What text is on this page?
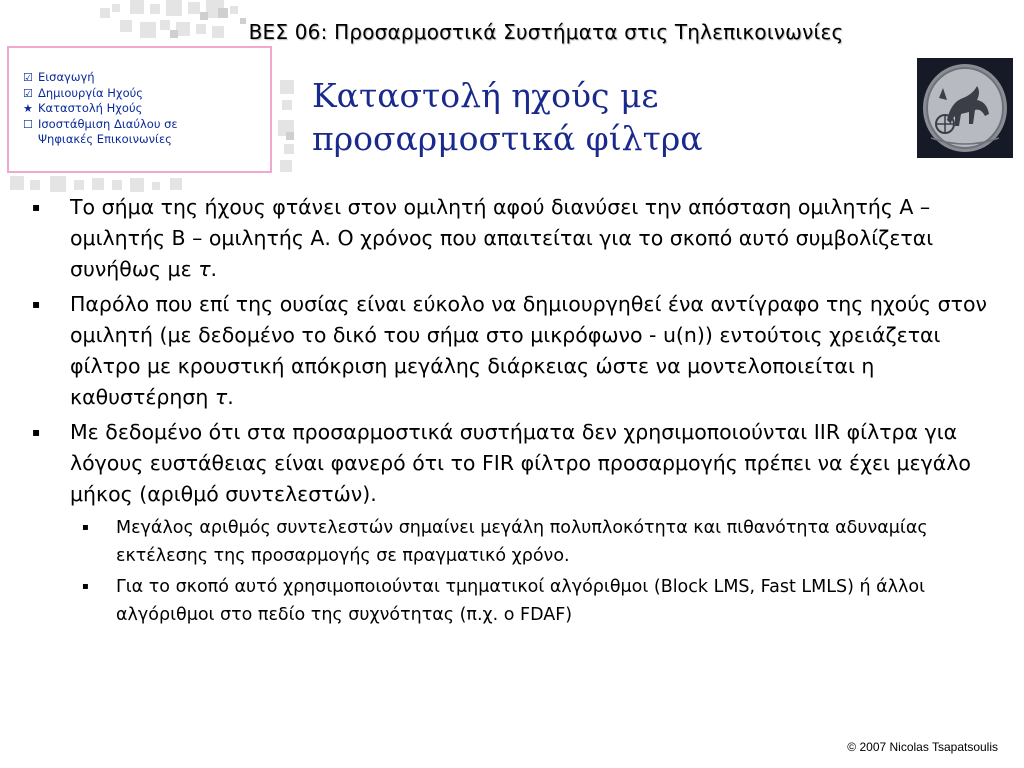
ΒΕΣ 06: Προσαρμοστικά Συστήματα στις Τηλεπικοινωνίες
☑ Εισαγωγή
☑ Δημιουργία Ηχούς
★ Καταστολή Ηχούς
☐ Ισοστάθμιση Διαύλου σε
Ψηφιακές Επικοινωνίες
Καταστολή ηχούς με
προσαρμοστικά φίλτρα
▪	Το σήμα της ήχους φτάνει στον ομιλητή αφού διανύσει την απόσταση ομιλητής Α – ομιλητής Β – ομιλητής Α. Ο χρόνος που απαιτείται για το σκοπό αυτό συμβολίζεται συνήθως με τ.
▪	Παρόλο που επί της ουσίας είναι εύκολο να δημιουργηθεί ένα αντίγραφο της ηχούς στον ομιλητή (με δεδομένο το δικό του σήμα στο μικρόφωνο - u(n)) εντούτοις χρειάζεται φίλτρο με κρουστική απόκριση μεγάλης διάρκειας ώστε να μοντελοποιείται η καθυστέρηση τ.
▪	Με δεδομένο ότι στα προσαρμοστικά συστήματα δεν χρησιμοποιούνται IIR φίλτρα για λόγους ευστάθειας είναι φανερό ότι το FIR φίλτρο προσαρμογής πρέπει να έχει μεγάλο μήκος (αριθμό συντελεστών).
▪	Μεγάλος αριθμός συντελεστών σημαίνει μεγάλη πολυπλοκότητα και πιθανότητα αδυναμίας εκτέλεσης της προσαρμογής σε πραγματικό χρόνο.
▪	Για το σκοπό αυτό χρησιμοποιούνται τμηματικοί αλγόριθμοι (Block LMS, Fast LMLS) ή άλλοι αλγόριθμοι στο πεδίο της συχνότητας (π.χ. ο FDAF)
© 2007 Nicolas Tsapatsoulis
